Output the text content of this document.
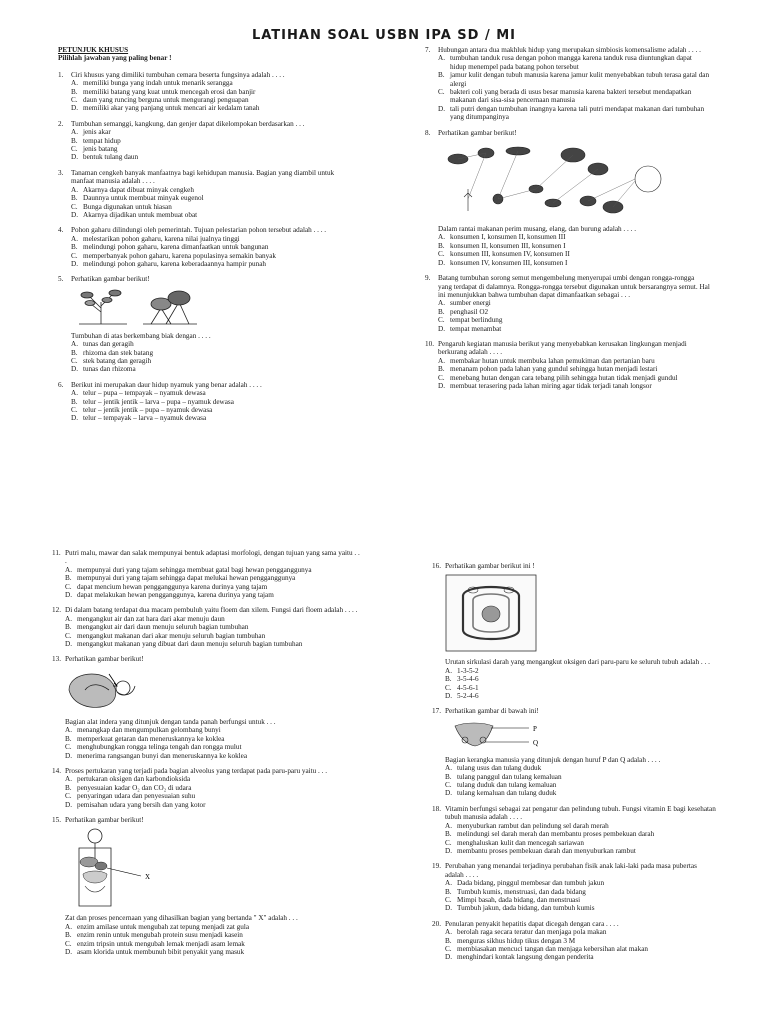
LATIHAN SOAL USBN IPA SD / MI
PETUNJUK KHUSUS
Pilihlah jawaban yang paling benar !
1.	Ciri khusus yang dimiliki tumbuhan cemara beserta fungsinya adalah . . . .
A. memiliki bunga yang indah untuk menarik serangga
B. memiliki batang yang kuat untuk mencegah erosi dan banjir
C. daun yang runcing berguna untuk mengurangi penguapan
D. memiliki akar yang panjang untuk mencari air kedalam tanah
2.	Tumbuhan semanggi, kangkung, dan genjer dapat dikelompokan berdasarkan . . .
A. jenis akar
B. tempat hidup
C. jenis batang
D. bentuk tulang daun
3.	Tanaman cengkeh banyak manfaatnya bagi kehidupan manusia. Bagian yang diambil untuk manfaat manusia adalah . . . .
A. Akarnya dapat dibuat minyak cengkeh
B. Daunnya untuk membuat minyak eugenol
C. Bunga digunakan untuk hiasan
D. Akarnya dijadikan untuk membuat obat
4.	Pohon gaharu dilindungi oleh pemerintah. Tujuan pelestarian pohon tersebut adalah . . . .
A. melestarikan pohon gaharu, karena nilai jualnya tinggi
B. melindungi pohon gaharu, karena dimanfaatkan untuk bangunan
C. memperbanyak pohon gaharu, karena populasinya semakin banyak
D. melindungi pohon gaharu, karena keberadaannya hampir punah
5.	Perhatikan gambar berikut!
Tumbuhan di atas berkembang biak dengan . . . .
A. tunas dan geragih
B. rhizoma dan stek batang
C. stek batang dan geragih
D. tunas dan rhizoma
6.	Berikut ini merupakan daur hidup nyamuk yang benar adalah . . . .
A. telur – pupa – tempayak – nyamuk dewasa
B. telur – jentik jentik – larva – pupa – nyamuk dewasa
C. telur – jentik jentik – pupa – nyamuk dewasa
D. telur – tempayak – larva – nyamuk dewasa
7.	Hubungan antara dua makhluk hidup yang merupakan simbiosis komensalisme adalah . . . .
A. tumbuhan tanduk rusa dengan pohon mangga karena tanduk rusa diuntungkan dapat hidup menempel pada batang pohon tersebut
B. jamur kulit dengan tubuh manusia karena jamur kulit menyebabkan tubuh terasa gatal dan alergi
C. bakteri coli yang berada di usus besar manusia karena bakteri tersebut mendapatkan makanan dari sisa-sisa pencernaan manusia
D. tali putri dengan tumbuhan inangnya karena tali putri mendapat makanan dari tumbuhan yang ditumpanginya
8.	Perhatikan gambar berikut!
Dalam rantai makanan perim musang, elang, dan burung adalah . . . .
A. konsumen I, konsumen II, konsumen III
B. konsumen II, konsumen III, konsumen I
C. konsumen III, konsumen IV, konsumen II
D. konsumen IV, konsumen III, konsumen I
9.	Batang tumbuhan sorong semut mengembelung menyerupai umbi dengan rongga-rongga yang terdapat di dalamnya. Rongga-rongga tersebut digunakan untuk bersarangnya semut. Hal ini menunjukkan bahwa tumbuhan dapat dimanfaatkan sebagai . . .
A. sumber energi
B. penghasil O2
C. tempat berlindung
D. tempat menambat
10. Pengaruh kegiatan manusia berikut yang menyebabkan kerusakan lingkungan menjadi berkurang adalah . . . .
A. membakar hutan untuk membuka lahan pemukiman dan pertanian baru
B. menanam pohon pada lahan yang gundul sehingga hutan menjadi lestari
C. menebang hutan dengan cara tebang pilih sehingga hutan tidak menjadi gundul
D. membuat terasering pada lahan miring agar tidak terjadi tanah longsor
11. Putri malu, mawar dan salak mempunyai bentuk adaptasi morfologi, dengan tujuan yang sama yaitu . . .
A. mempunyai duri yang tajam sehingga membuat gatal bagi hewan pengganggunya
B. mempunyai duri yang tajam sehingga dapat melukai hewan pengganggunya
C. dapat mencium hewan pengganggunya karena durinya yang tajam
D. dapat melakukan hewan pengganggunya, karena durinya yang tajam
12. Di dalam batang terdapat dua macam pembuluh yaitu floem dan xilem. Fungsi dari floem adalah . . . .
A. mengangkut air dan zat hara dari akar menuju daun
B. mengangkut air dari daun menuju seluruh bagian tumbuhan
C. mengangkut makanan dari akar menuju seluruh bagian tumbuhan
D. mengangkut makanan yang dibuat dari daun menuju seluruh bagian tumbuhan
13. Perhatikan gambar berikut!
Bagian alat indera yang ditunjuk dengan tanda panah berfungsi untuk . . .
A. menangkap dan mengumpulkan gelombang bunyi
B. memperkuat getaran dan meneruskannya ke koklea
C. menghubungkan rongga telinga tengah dan rongga mulut
D. menerima rangsangan bunyi dan meneruskannya ke koklea
14. Proses pertukaran yang terjadi pada bagian alveolus yang terdapat pada paru-paru yaitu . . .
A. pertukaran oksigen dan karbondioksida
B. penyesuaian kadar O₂ dan CO₂ di udara
C. penyaringan udara dan penyesuaian suhu
D. pemisahan udara yang bersih dan yang kotor
15. Perhatikan gambar berikut!
X
Zat dan proses pencernaan yang dihasilkan bagian yang bertanda " X" adalah . . .
A. enzim amilase untuk mengubah zat tepung menjadi zat gula
B. enzim renin untuk mengubah protein susu menjadi kasein
C. enzim tripsin untuk mengubah lemak menjadi asam lemak
D. asam klorida untuk membunuh bibit penyakit yang masuk
16. Perhatikan gambar berikut ini !
Urutan sirkulasi darah yang mengangkut oksigen dari paru-paru ke seluruh tubuh adalah . . .
A. 1-3-5-2
B. 3-5-4-6
C. 4-5-6-1
D. 5-2-4-6
17. Perhatikan gambar di bawah ini!
P
Q
Bagian kerangka manusia yang ditunjuk dengan huruf P dan Q adalah . . . .
A. tulang usus dan tulang duduk
B. tulang panggul dan tulang kemaluan
C. tulang duduk dan tulang kemaluan
D. tulang kemaluan dan tulang duduk
18. Vitamin berfungsi sebagai zat pengatur dan pelindung tubuh. Fungsi vitamin E bagi kesehatan tubuh manusia adalah . . . .
A. menyuburkan rambut dan pelindung sel darah merah
B. melindungi sel darah merah dan membantu proses pembekuan darah
C. menghaluskan kulit dan mencegah sariawan
D. membantu proses pembekuan darah dan menyuburkan rambut
19. Perubahan yang menandai terjadinya perubahan fisik anak laki-laki pada masa pubertas adalah . . . .
A. Dada bidang, pinggul membesar dan tumbuh jakun
B. Tumbuh kumis, menstruasi, dan dada bidang
C. Mimpi basah, dada bidang, dan menstruasi
D. Tumbuh jakun, dada bidang, dan tumbuh kumis
20. Penularan penyakit hepatitis dapat dicegah dengan cara . . . .
A. berolah raga secara teratur dan menjaga pola makan
B. menguras sikhus hidup tikus dengan 3 M
C. membiasakan mencuci tangan dan menjaga kebersihan alat makan
D. menghindari kontak langsung dengan penderita
